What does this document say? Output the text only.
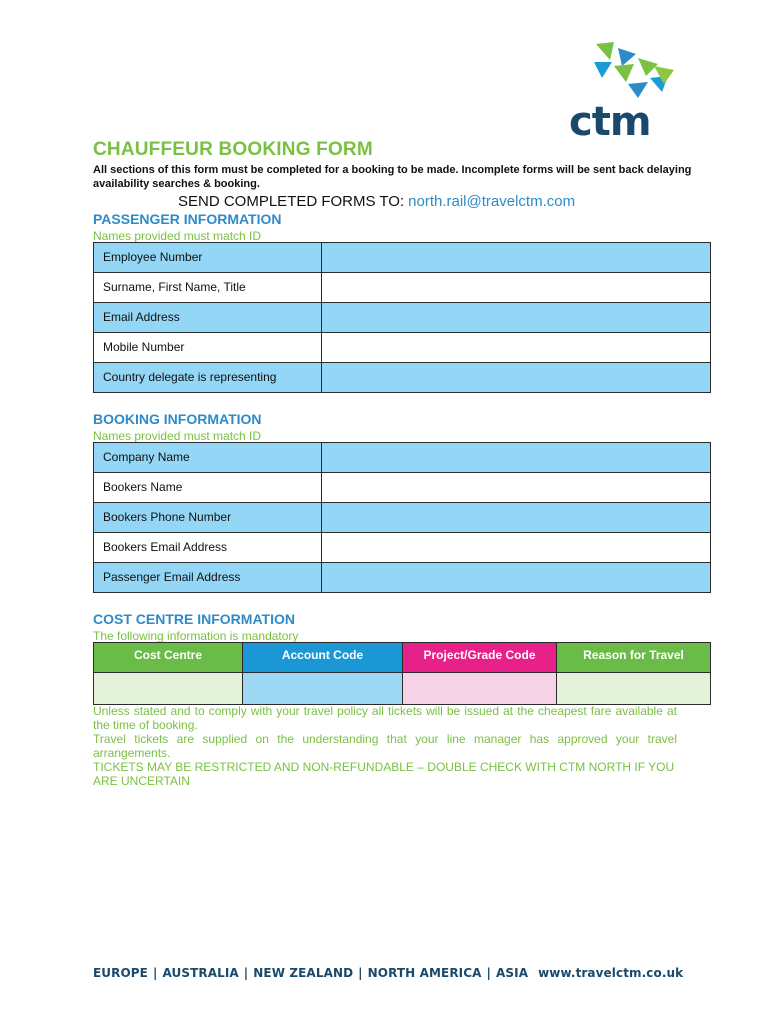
ctm
CHAUFFEUR BOOKING FORM
All sections of this form must be completed for a booking to be made. Incomplete forms will be sent back delaying availability searches & booking.
SEND COMPLETED FORMS TO: north.rail@travelctm.com
PASSENGER INFORMATION
Names provided must match ID
Employee Number	
Surname, First Name, Title	
Email Address	
Mobile Number	
Country delegate is representing	
BOOKING INFORMATION
Names provided must match ID
Company Name	
Bookers Name	
Bookers Phone Number	
Bookers Email Address	
Passenger Email Address	
COST CENTRE INFORMATION
The following information is mandatory
Cost Centre	Account Code	Project/Grade Code	Reason for Travel

Unless stated and to comply with your travel policy all tickets will be issued at the cheapest fare available at the time of booking.

Travel tickets are supplied on the understanding that your line manager has approved your travel arrangements.

TICKETS MAY BE RESTRICTED AND NON-REFUNDABLE – DOUBLE CHECK WITH CTM NORTH IF YOU ARE UNCERTAIN

EUROPE | AUSTRALIA | NEW ZEALAND | NORTH AMERICA | ASIA www.travelctm.co.uk
